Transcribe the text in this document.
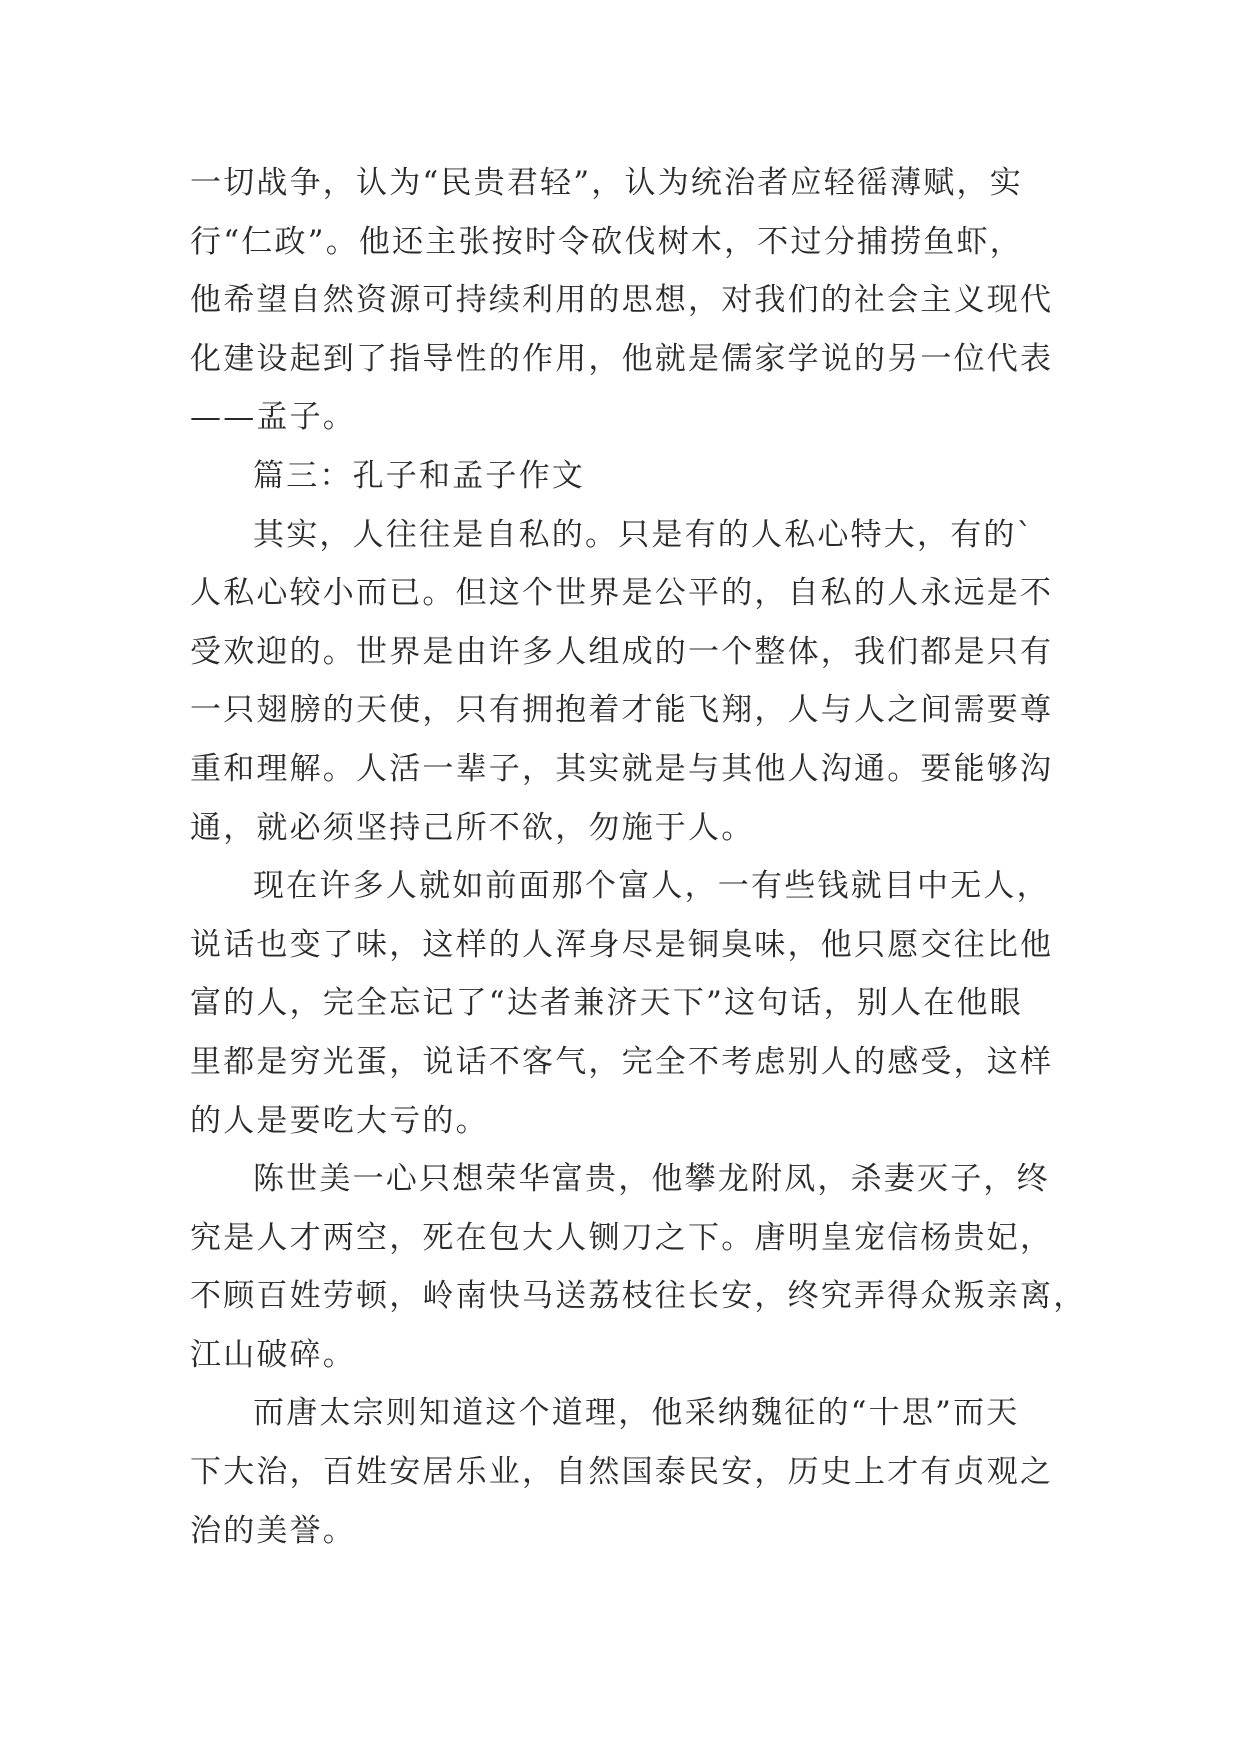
一切战争，认为“民贵君轻”，认为统治者应轻徭薄赋，实
行“仁政”。他还主张按时令砍伐树木，不过分捕捞鱼虾，
他希望自然资源可持续利用的思想，对我们的社会主义现代
化建设起到了指导性的作用，他就是儒家学说的另一位代表
——孟子。
篇三：孔子和孟子作文
其实，人往往是自私的。只是有的人私心特大，有的`
人私心较小而已。但这个世界是公平的，自私的人永远是不
受欢迎的。世界是由许多人组成的一个整体，我们都是只有
一只翅膀的天使，只有拥抱着才能飞翔，人与人之间需要尊
重和理解。人活一辈子，其实就是与其他人沟通。要能够沟
通，就必须坚持己所不欲，勿施于人。
现在许多人就如前面那个富人，一有些钱就目中无人，
说话也变了味，这样的人浑身尽是铜臭味，他只愿交往比他
富的人，完全忘记了“达者兼济天下”这句话，别人在他眼
里都是穷光蛋，说话不客气，完全不考虑别人的感受，这样
的人是要吃大亏的。
陈世美一心只想荣华富贵，他攀龙附凤，杀妻灭子，终
究是人才两空，死在包大人铡刀之下。唐明皇宠信杨贵妃，
不顾百姓劳顿，岭南快马送荔枝往长安，终究弄得众叛亲离，
江山破碎。
而唐太宗则知道这个道理，他采纳魏征的“十思”而天
下大治，百姓安居乐业，自然国泰民安，历史上才有贞观之
治的美誉。
